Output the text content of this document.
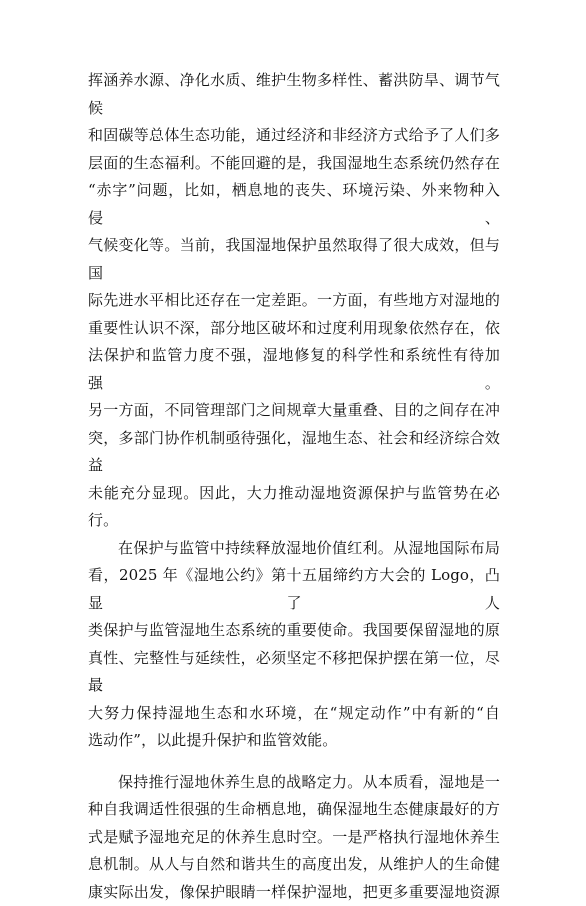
挥涵养水源、净化水质、维护生物多样性、蓄洪防旱、调节气候

和固碳等总体生态功能，通过经济和非经济方式给予了人们多

层面的生态福利。不能回避的是，我国湿地生态系统仍然存在

“赤字”问题，比如，栖息地的丧失、环境污染、外来物种入侵、

气候变化等。当前，我国湿地保护虽然取得了很大成效，但与国

际先进水平相比还存在一定差距。一方面，有些地方对湿地的

重要性认识不深，部分地区破坏和过度利用现象依然存在，依

法保护和监管力度不强，湿地修复的科学性和系统性有待加强。

另一方面，不同管理部门之间规章大量重叠、目的之间存在冲

突，多部门协作机制亟待强化，湿地生态、社会和经济综合效益

未能充分显现。因此，大力推动湿地资源保护与监管势在必行。

在保护与监管中持续释放湿地价值红利。从湿地国际布局

看，2025 年《湿地公约》第十五届缔约方大会的 Logo，凸显了人

类保护与监管湿地生态系统的重要使命。我国要保留湿地的原

真性、完整性与延续性，必须坚定不移把保护摆在第一位，尽最

大努力保持湿地生态和水环境，在“规定动作”中有新的“自

选动作”，以此提升保护和监管效能。

保持推行湿地休养生息的战略定力。从本质看，湿地是一

种自我调适性很强的生命栖息地，确保湿地生态健康最好的方

式是赋予湿地充足的休养生息时空。一是严格执行湿地休养生

息机制。从人与自然和谐共生的高度出发，从维护人的生命健

康实际出发，像保护眼睛一样保护湿地，把更多重要湿地资源
